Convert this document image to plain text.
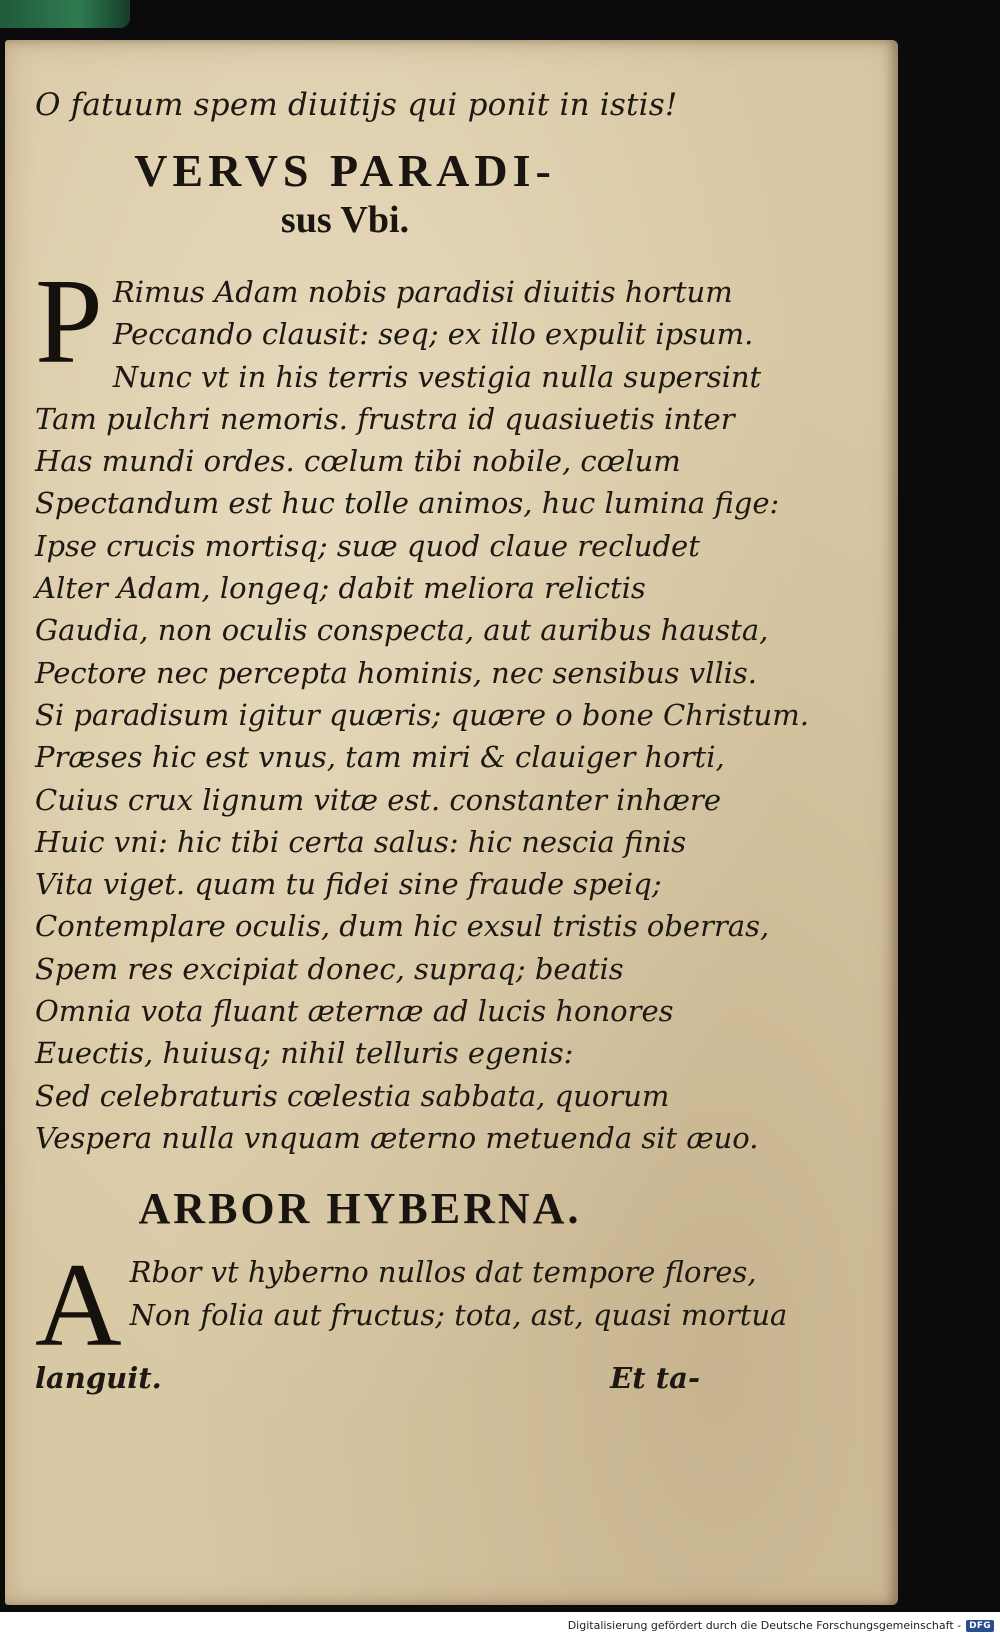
O fatuum spem diuitijs qui ponit in istis!

VERVS PARADI-
sus Vbi.
P Rimus Adam nobis paradisi diuitis hortum

Peccando clausit: seq; ex illo expulit ipsum.

Nunc vt in his terris vestigia nulla supersint

Tam pulchri nemoris. frustra id quasiuetis inter

Has mundi ordes. cœlum tibi nobile, cœlum

Spectandum est huc tolle animos, huc lumina fige:

Ipse crucis mortisq; suæ quod claue recludet

Alter Adam, longeq; dabit meliora relictis

Gaudia, non oculis conspecta, aut auribus hausta,

Pectore nec percepta hominis, nec sensibus vllis.

Si paradisum igitur quæris; quære o bone Christum.

Præses hic est vnus, tam miri & clauiger horti,

Cuius crux lignum vitæ est. constanter inhære

Huic vni: hic tibi certa salus: hic nescia finis

Vita viget. quam tu fidei sine fraude speiq;

Contemplare oculis, dum hic exsul tristis oberras,

Spem res excipiat donec, supraq; beatis

Omnia vota fluant æternæ ad lucis honores

Euectis, huiusq; nihil telluris egenis:

Sed celebraturis cœlestia sabbata, quorum

Vespera nulla vnquam æterno metuenda sit æuo.

ARBOR HYBERNA.
A Rbor vt hyberno nullos dat tempore flores,

Non folia aut fructus; tota, ast, quasi mortua

languit.	Et ta-
Digitalisierung gefördert durch die Deutsche Forschungsgemeinschaft - DFG
